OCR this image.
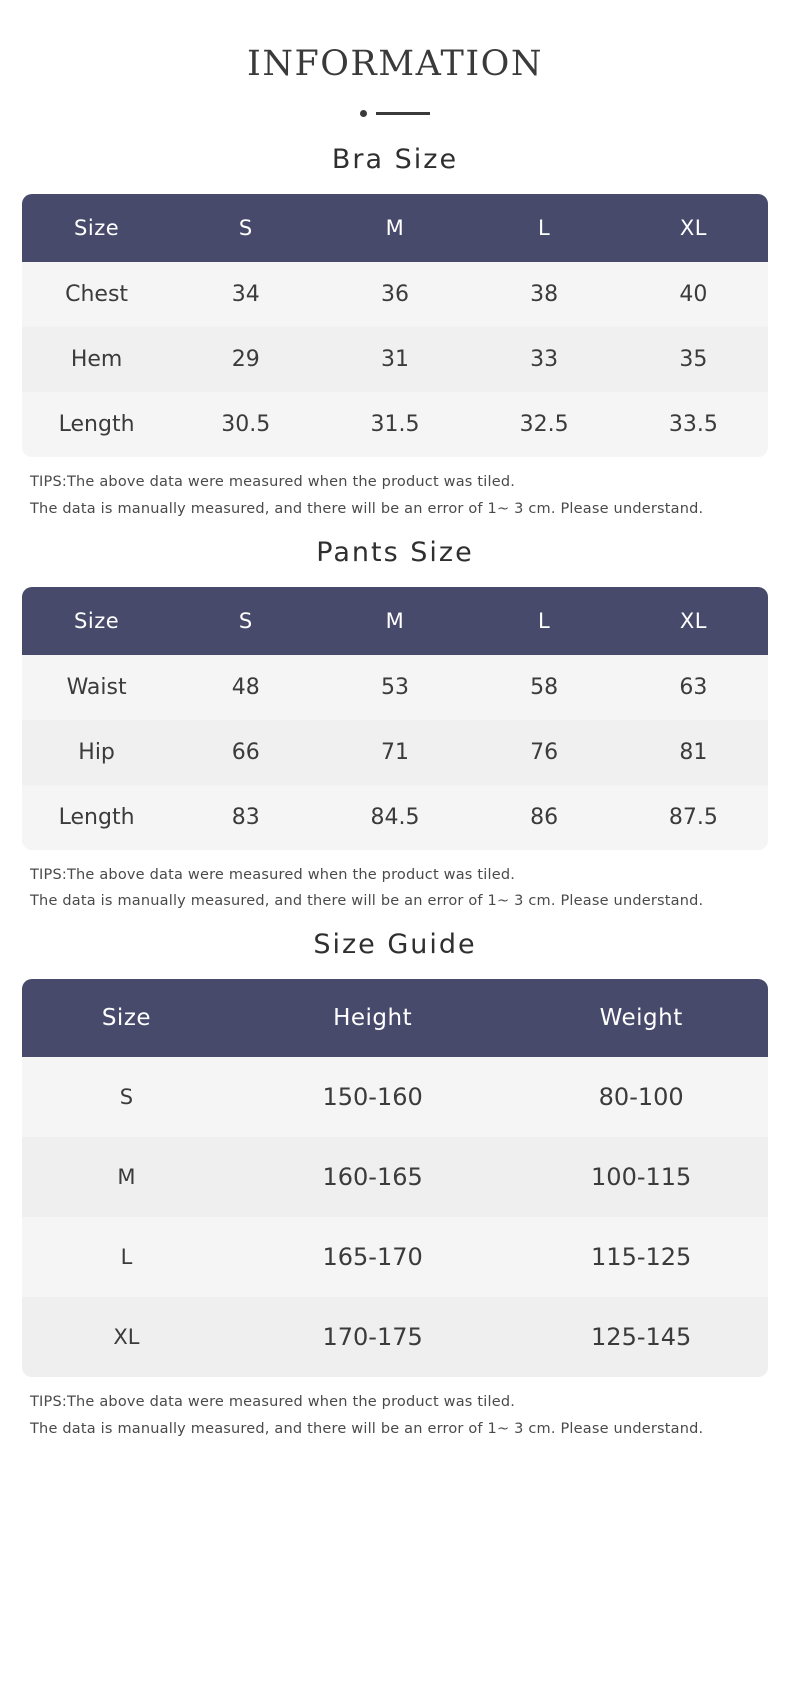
INFORMATION
Bra Size
Size	S	M	L	XL
Chest	34	36	38	40
Hem	29	31	33	35
Length	30.5	31.5	32.5	33.5

TIPS:The above data were measured when the product was tiled.

The data is manually measured, and there will be an error of 1~ 3 cm. Please understand.

Pants Size
Size	S	M	L	XL
Waist	48	53	58	63
Hip	66	71	76	81
Length	83	84.5	86	87.5

TIPS:The above data were measured when the product was tiled.

The data is manually measured, and there will be an error of 1~ 3 cm. Please understand.

Size Guide
Size	Height	Weight
S	150-160	80-100
M	160-165	100-115
L	165-170	115-125
XL	170-175	125-145

TIPS:The above data were measured when the product was tiled.

The data is manually measured, and there will be an error of 1~ 3 cm. Please understand.
